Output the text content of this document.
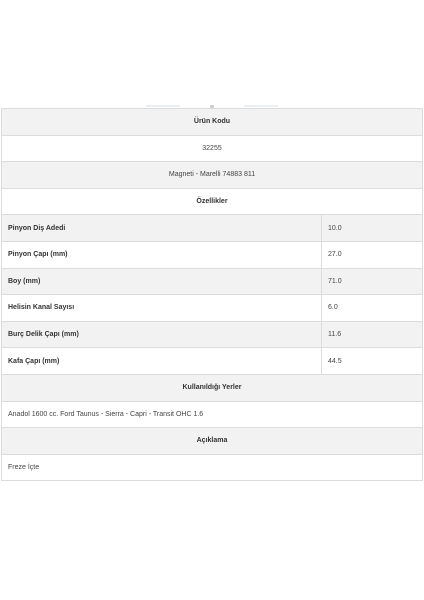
Ürün Kodu	
32255	
Magneti - Marelli 74883 811	
Özellikler	
Pinyon Diş Adedi	10.0
Pinyon Çapı (mm)	27.0
Boy (mm)	71.0
Helisin Kanal Sayısı	6.0
Burç Delik Çapı (mm)	11.6
Kafa Çapı (mm)	44.5
Kullanıldığı Yerler	
Anadol 1600 cc. Ford Taunus - Sierra - Capri - Transit OHC 1.6	
Açıklama	
Freze İçte	
